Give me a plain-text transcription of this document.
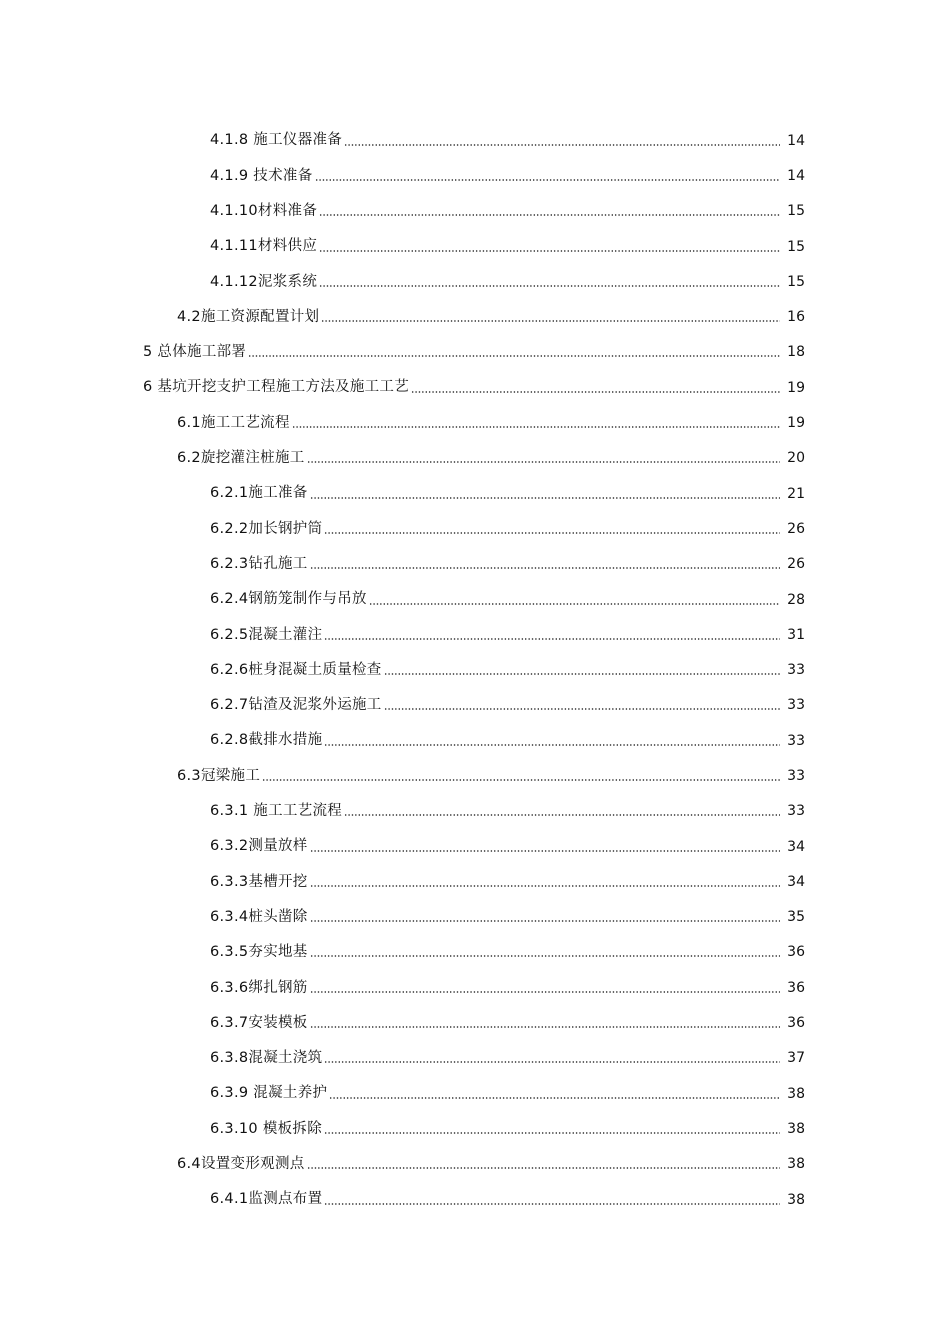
4.1.8 施工仪器准备	14
4.1.9 技术准备	14
4.1.10材料准备	15
4.1.11材料供应	15
4.1.12泥浆系统	15
4.2施工资源配置计划	16
5 总体施工部署	18
6 基坑开挖支护工程施工方法及施工工艺	19
6.1施工工艺流程	19
6.2旋挖灌注桩施工	20
6.2.1施工准备	21
6.2.2加长钢护筒	26
6.2.3钻孔施工	26
6.2.4钢筋笼制作与吊放	28
6.2.5混凝土灌注	31
6.2.6桩身混凝土质量检查	33
6.2.7钻渣及泥浆外运施工	33
6.2.8截排水措施	33
6.3冠梁施工	33
6.3.1 施工工艺流程	33
6.3.2测量放样	34
6.3.3基槽开挖	34
6.3.4桩头凿除	35
6.3.5夯实地基	36
6.3.6绑扎钢筋	36
6.3.7安装模板	36
6.3.8混凝土浇筑	37
6.3.9 混凝土养护	38
6.3.10 模板拆除	38
6.4设置变形观测点	38
6.4.1监测点布置	38
